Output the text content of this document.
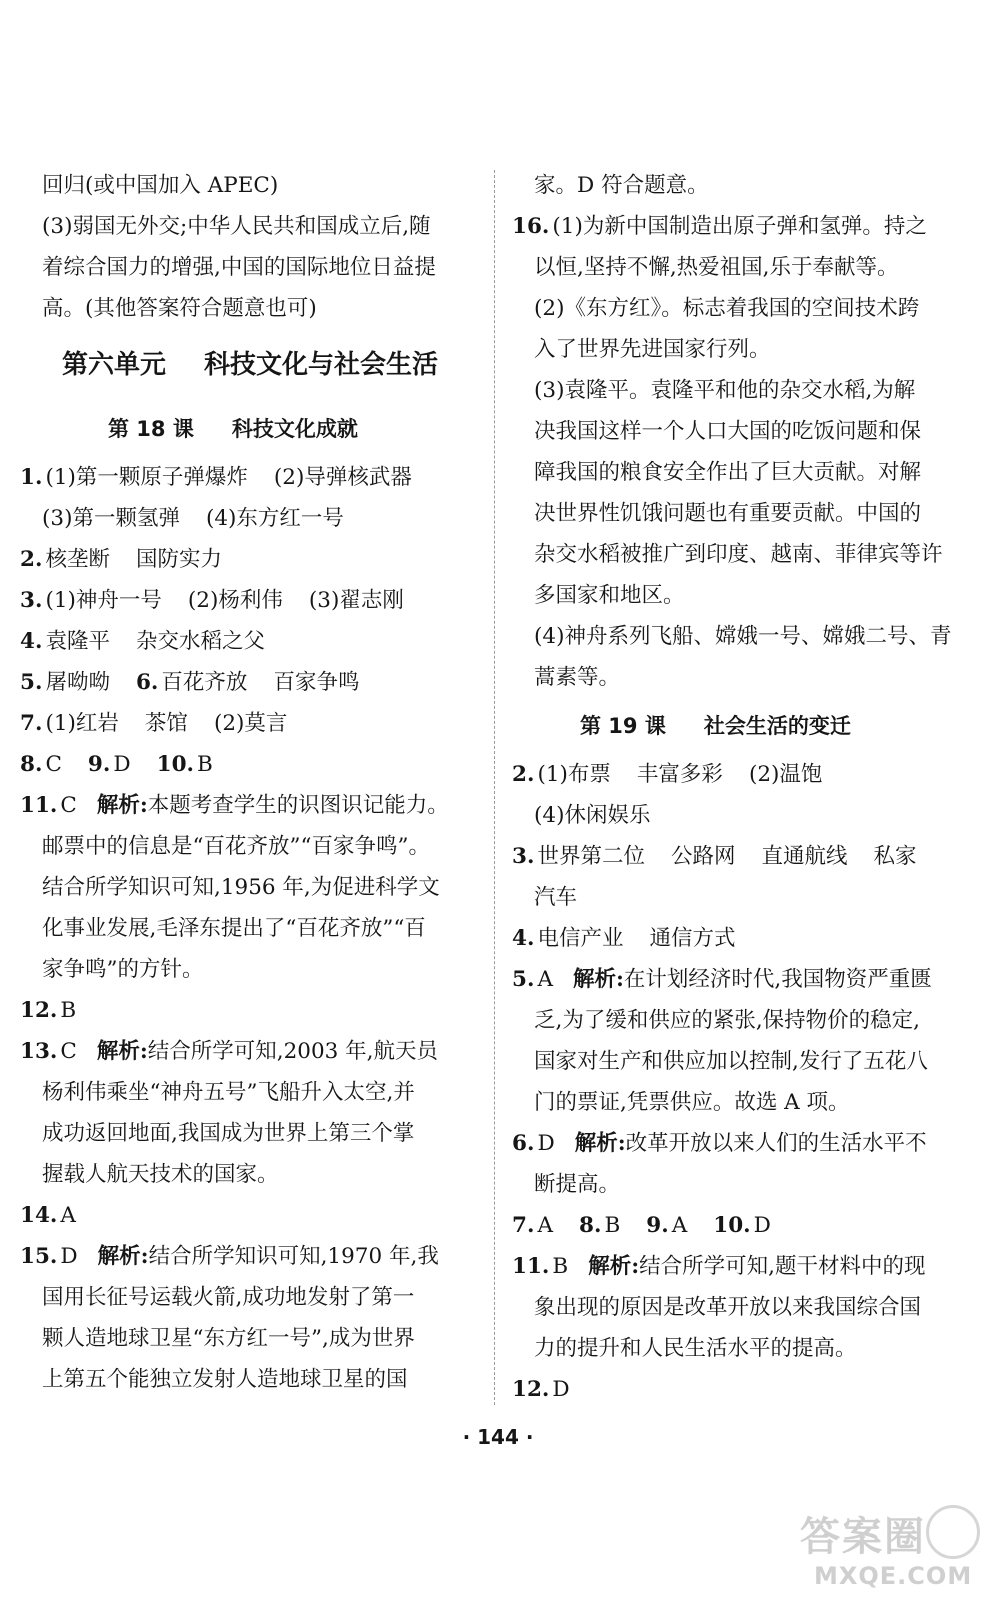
回归(或中国加入 APEC)
(3)弱国无外交;中华人民共和国成立后,随
着综合国力的增强,中国的国际地位日益提
高。(其他答案符合题意也可)
第六单元 科技文化与社会生活
第 18 课 科技文化成就
1. (1)第一颗原子弹爆炸 (2)导弹核武器
(3)第一颗氢弹 (4)东方红一号
2. 核垄断 国防实力
3. (1)神舟一号 (2)杨利伟 (3)翟志刚
4. 袁隆平 杂交水稻之父
5. 屠呦呦 6. 百花齐放 百家争鸣
7. (1)红岩 茶馆 (2)莫言
8. C 9. D 10. B
11. C 解析:本题考查学生的识图识记能力。
邮票中的信息是“百花齐放”“百家争鸣”。
结合所学知识可知,1956 年,为促进科学文
化事业发展,毛泽东提出了“百花齐放”“百
家争鸣”的方针。
12. B
13. C 解析:结合所学可知,2003 年,航天员
杨利伟乘坐“神舟五号”飞船升入太空,并
成功返回地面,我国成为世界上第三个掌
握载人航天技术的国家。
14. A
15. D 解析:结合所学知识可知,1970 年,我
国用长征号运载火箭,成功地发射了第一
颗人造地球卫星“东方红一号”,成为世界
上第五个能独立发射人造地球卫星的国
家。D 符合题意。
16. (1)为新中国制造出原子弹和氢弹。持之
以恒,坚持不懈,热爱祖国,乐于奉献等。
(2)《东方红》。标志着我国的空间技术跨
入了世界先进国家行列。
(3)袁隆平。袁隆平和他的杂交水稻,为解
决我国这样一个人口大国的吃饭问题和保
障我国的粮食安全作出了巨大贡献。对解
决世界性饥饿问题也有重要贡献。中国的
杂交水稻被推广到印度、越南、菲律宾等许
多国家和地区。
(4)神舟系列飞船、嫦娥一号、嫦娥二号、青
蒿素等。
第 19 课 社会生活的变迁
2. (1)布票 丰富多彩 (2)温饱
(4)休闲娱乐
3. 世界第二位 公路网 直通航线 私家
汽车
4. 电信产业 通信方式
5. A 解析:在计划经济时代,我国物资严重匮
乏,为了缓和供应的紧张,保持物价的稳定,
国家对生产和供应加以控制,发行了五花八
门的票证,凭票供应。故选 A 项。
6. D 解析:改革开放以来人们的生活水平不
断提高。
7. A 8. B 9. A 10. D
11. B 解析:结合所学可知,题干材料中的现
象出现的原因是改革开放以来我国综合国
力的提升和人民生活水平的提高。
12. D
· 144 ·
答案圈
MXQE.COM
